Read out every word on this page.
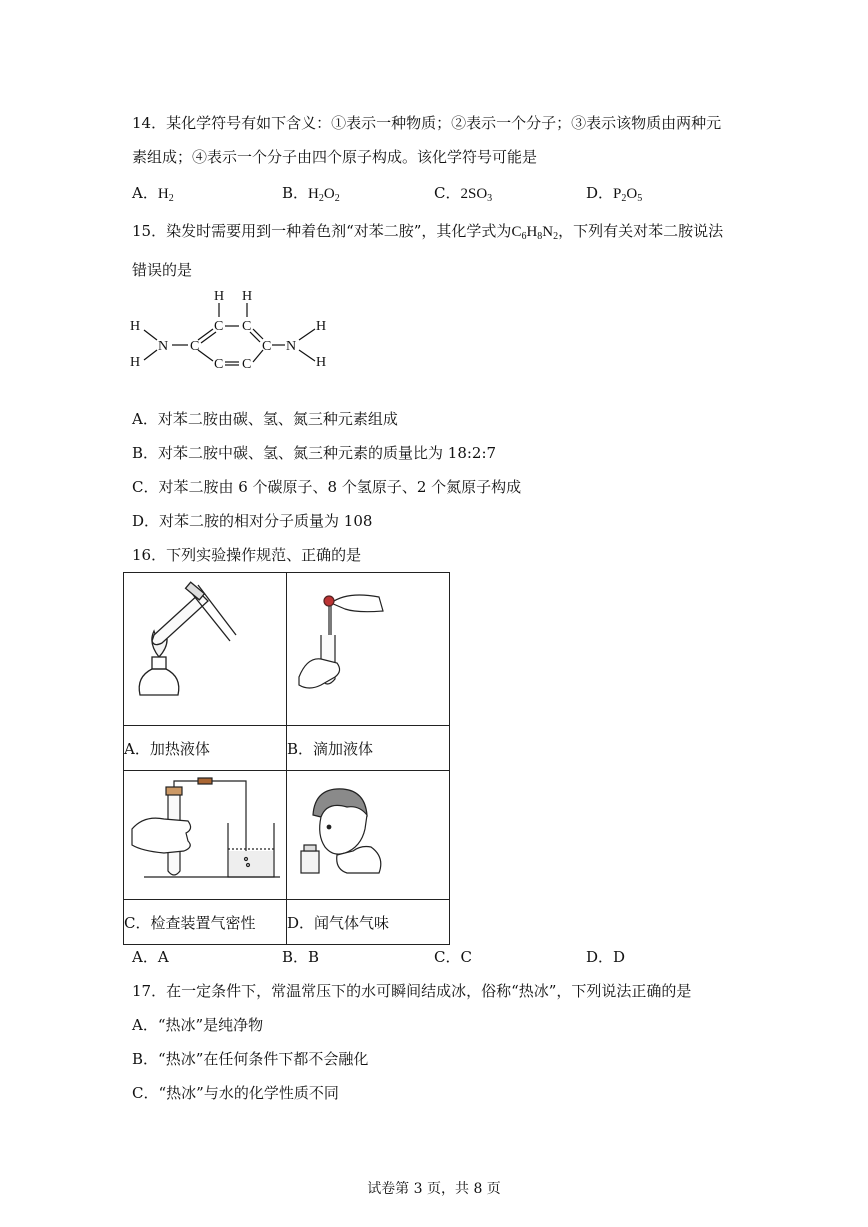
14．某化学符号有如下含义：①表示一种物质；②表示一个分子；③表示该物质由两种元
素组成；④表示一个分子由四个原子构成。该化学符号可能是
A．$H_2$	B．$H_2O_2$	C．$2SO_3$	D．$P_2O_5$
15．染发时需要用到一种着色剂“对苯二胺”，其化学式为$C_6H_8N_2$，下列有关对苯二胺说法
错误的是
H H
C C
H	H
N C	C N
H	H
C C
A．对苯二胺由碳、氢、氮三种元素组成
B．对苯二胺中碳、氢、氮三种元素的质量比为 18:2:7
C．对苯二胺由 6 个碳原子、8 个氢原子、2 个氮原子构成
D．对苯二胺的相对分子质量为 108
16．下列实验操作规范、正确的是

A．加热液体	B．滴加液体

C．检查装置气密性	D．闻气体气味
A．A	B．B	C．C	D．D
17．在一定条件下，常温常压下的水可瞬间结成冰，俗称“热冰”，下列说法正确的是
A．“热冰”是纯净物
B．“热冰”在任何条件下都不会融化
C．“热冰”与水的化学性质不同
试卷第 3 页，共 8 页
